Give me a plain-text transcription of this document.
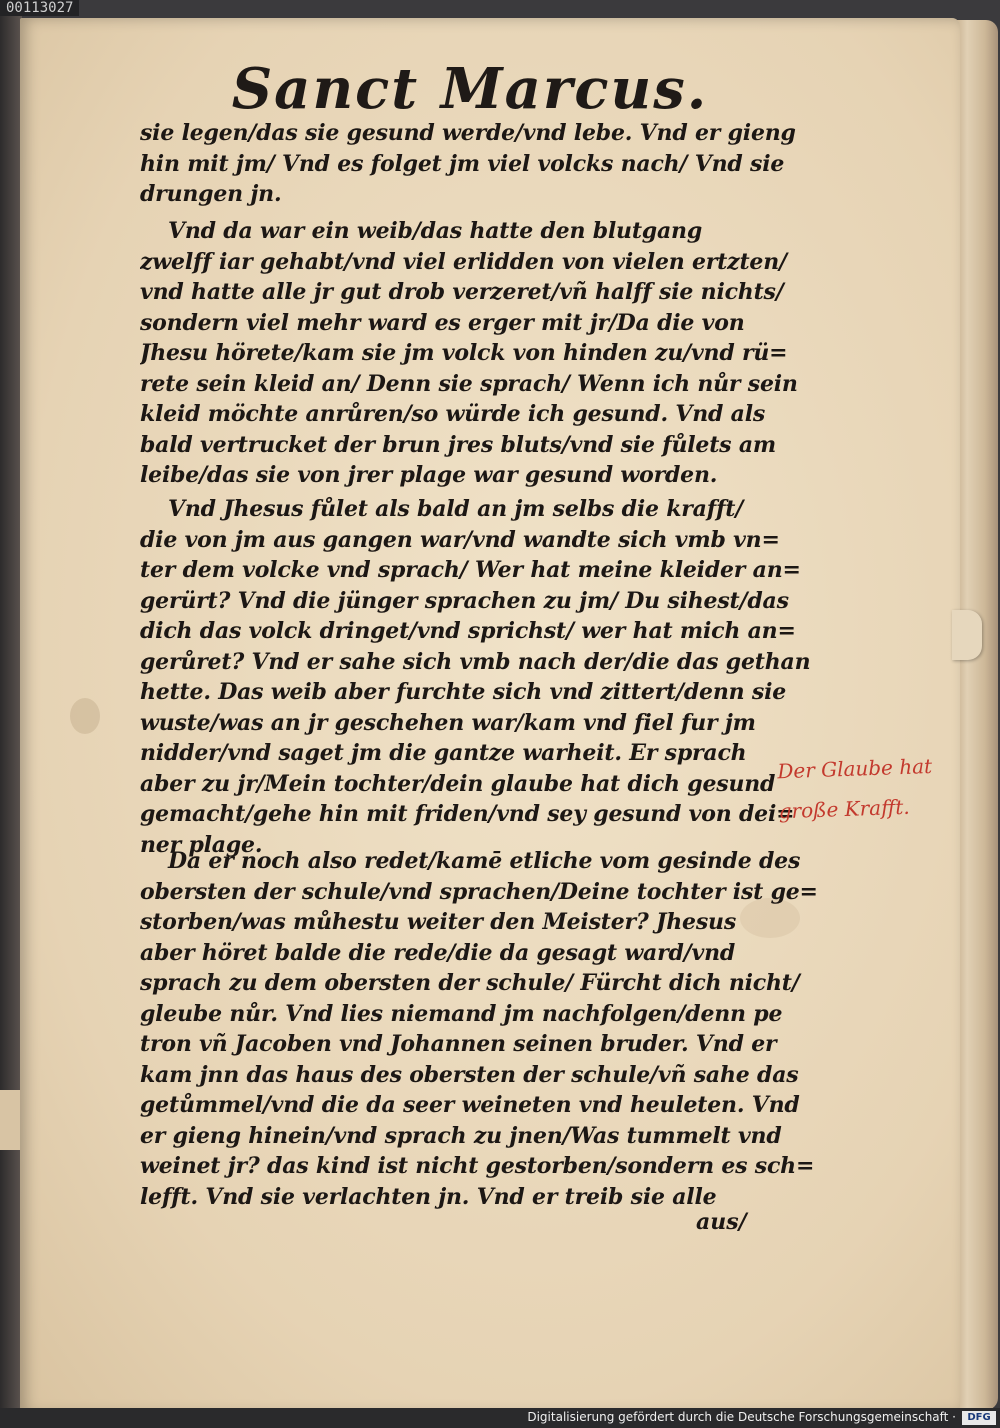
Sanct Marcus.
sie legen/das sie gesund werde/vnd lebe. Vnd er gieng
hin mit jm/ Vnd es folget jm viel volcks nach/ Vnd sie
drungen jn.
Vnd da war ein weib/das hatte den blutgang
zwelff iar gehabt/vnd viel erlidden von vielen ertzten/
vnd hatte alle jr gut drob verzeret/vñ halff sie nichts/
sondern viel mehr ward es erger mit jr/Da die von
Jhesu hörete/kam sie jm volck von hinden zu/vnd rü=
rete sein kleid an/ Denn sie sprach/ Wenn ich nůr sein
kleid möchte anrůren/so würde ich gesund. Vnd als
bald vertrucket der brun jres bluts/vnd sie fůlets am
leibe/das sie von jrer plage war gesund worden.
Vnd Jhesus fůlet als bald an jm selbs die krafft/
die von jm aus gangen war/vnd wandte sich vmb vn=
ter dem volcke vnd sprach/ Wer hat meine kleider an=
gerürt? Vnd die jünger sprachen zu jm/ Du sihest/das
dich das volck dringet/vnd sprichst/ wer hat mich an=
gerůret? Vnd er sahe sich vmb nach der/die das gethan
hette. Das weib aber furchte sich vnd zittert/denn sie
wuste/was an jr geschehen war/kam vnd fiel fur jm
nidder/vnd saget jm die gantze warheit. Er sprach
aber zu jr/Mein tochter/dein glaube hat dich gesund
gemacht/gehe hin mit friden/vnd sey gesund von dei=
ner plage.
Da er noch also redet/kamē etliche vom gesinde des
obersten der schule/vnd sprachen/Deine tochter ist ge=
storben/was můhestu weiter den Meister? Jhesus
aber höret balde die rede/die da gesagt ward/vnd
sprach zu dem obersten der schule/ Fürcht dich nicht/
gleube nůr. Vnd lies niemand jm nachfolgen/denn pe
tron vñ Jacoben vnd Johannen seinen bruder. Vnd er
kam jnn das haus des obersten der schule/vñ sahe das
getůmmel/vnd die da seer weineten vnd heuleten. Vnd
er gieng hinein/vnd sprach zu jnen/Was tummelt vnd
weinet jr? das kind ist nicht gestorben/sondern es sch=
lefft. Vnd sie verlachten jn. Vnd er treib sie alle
aus/
Der Glaube hat
große Krafft.
00113027
Digitalisierung gefördert durch die Deutsche Forschungsgemeinschaft ·	DFG
